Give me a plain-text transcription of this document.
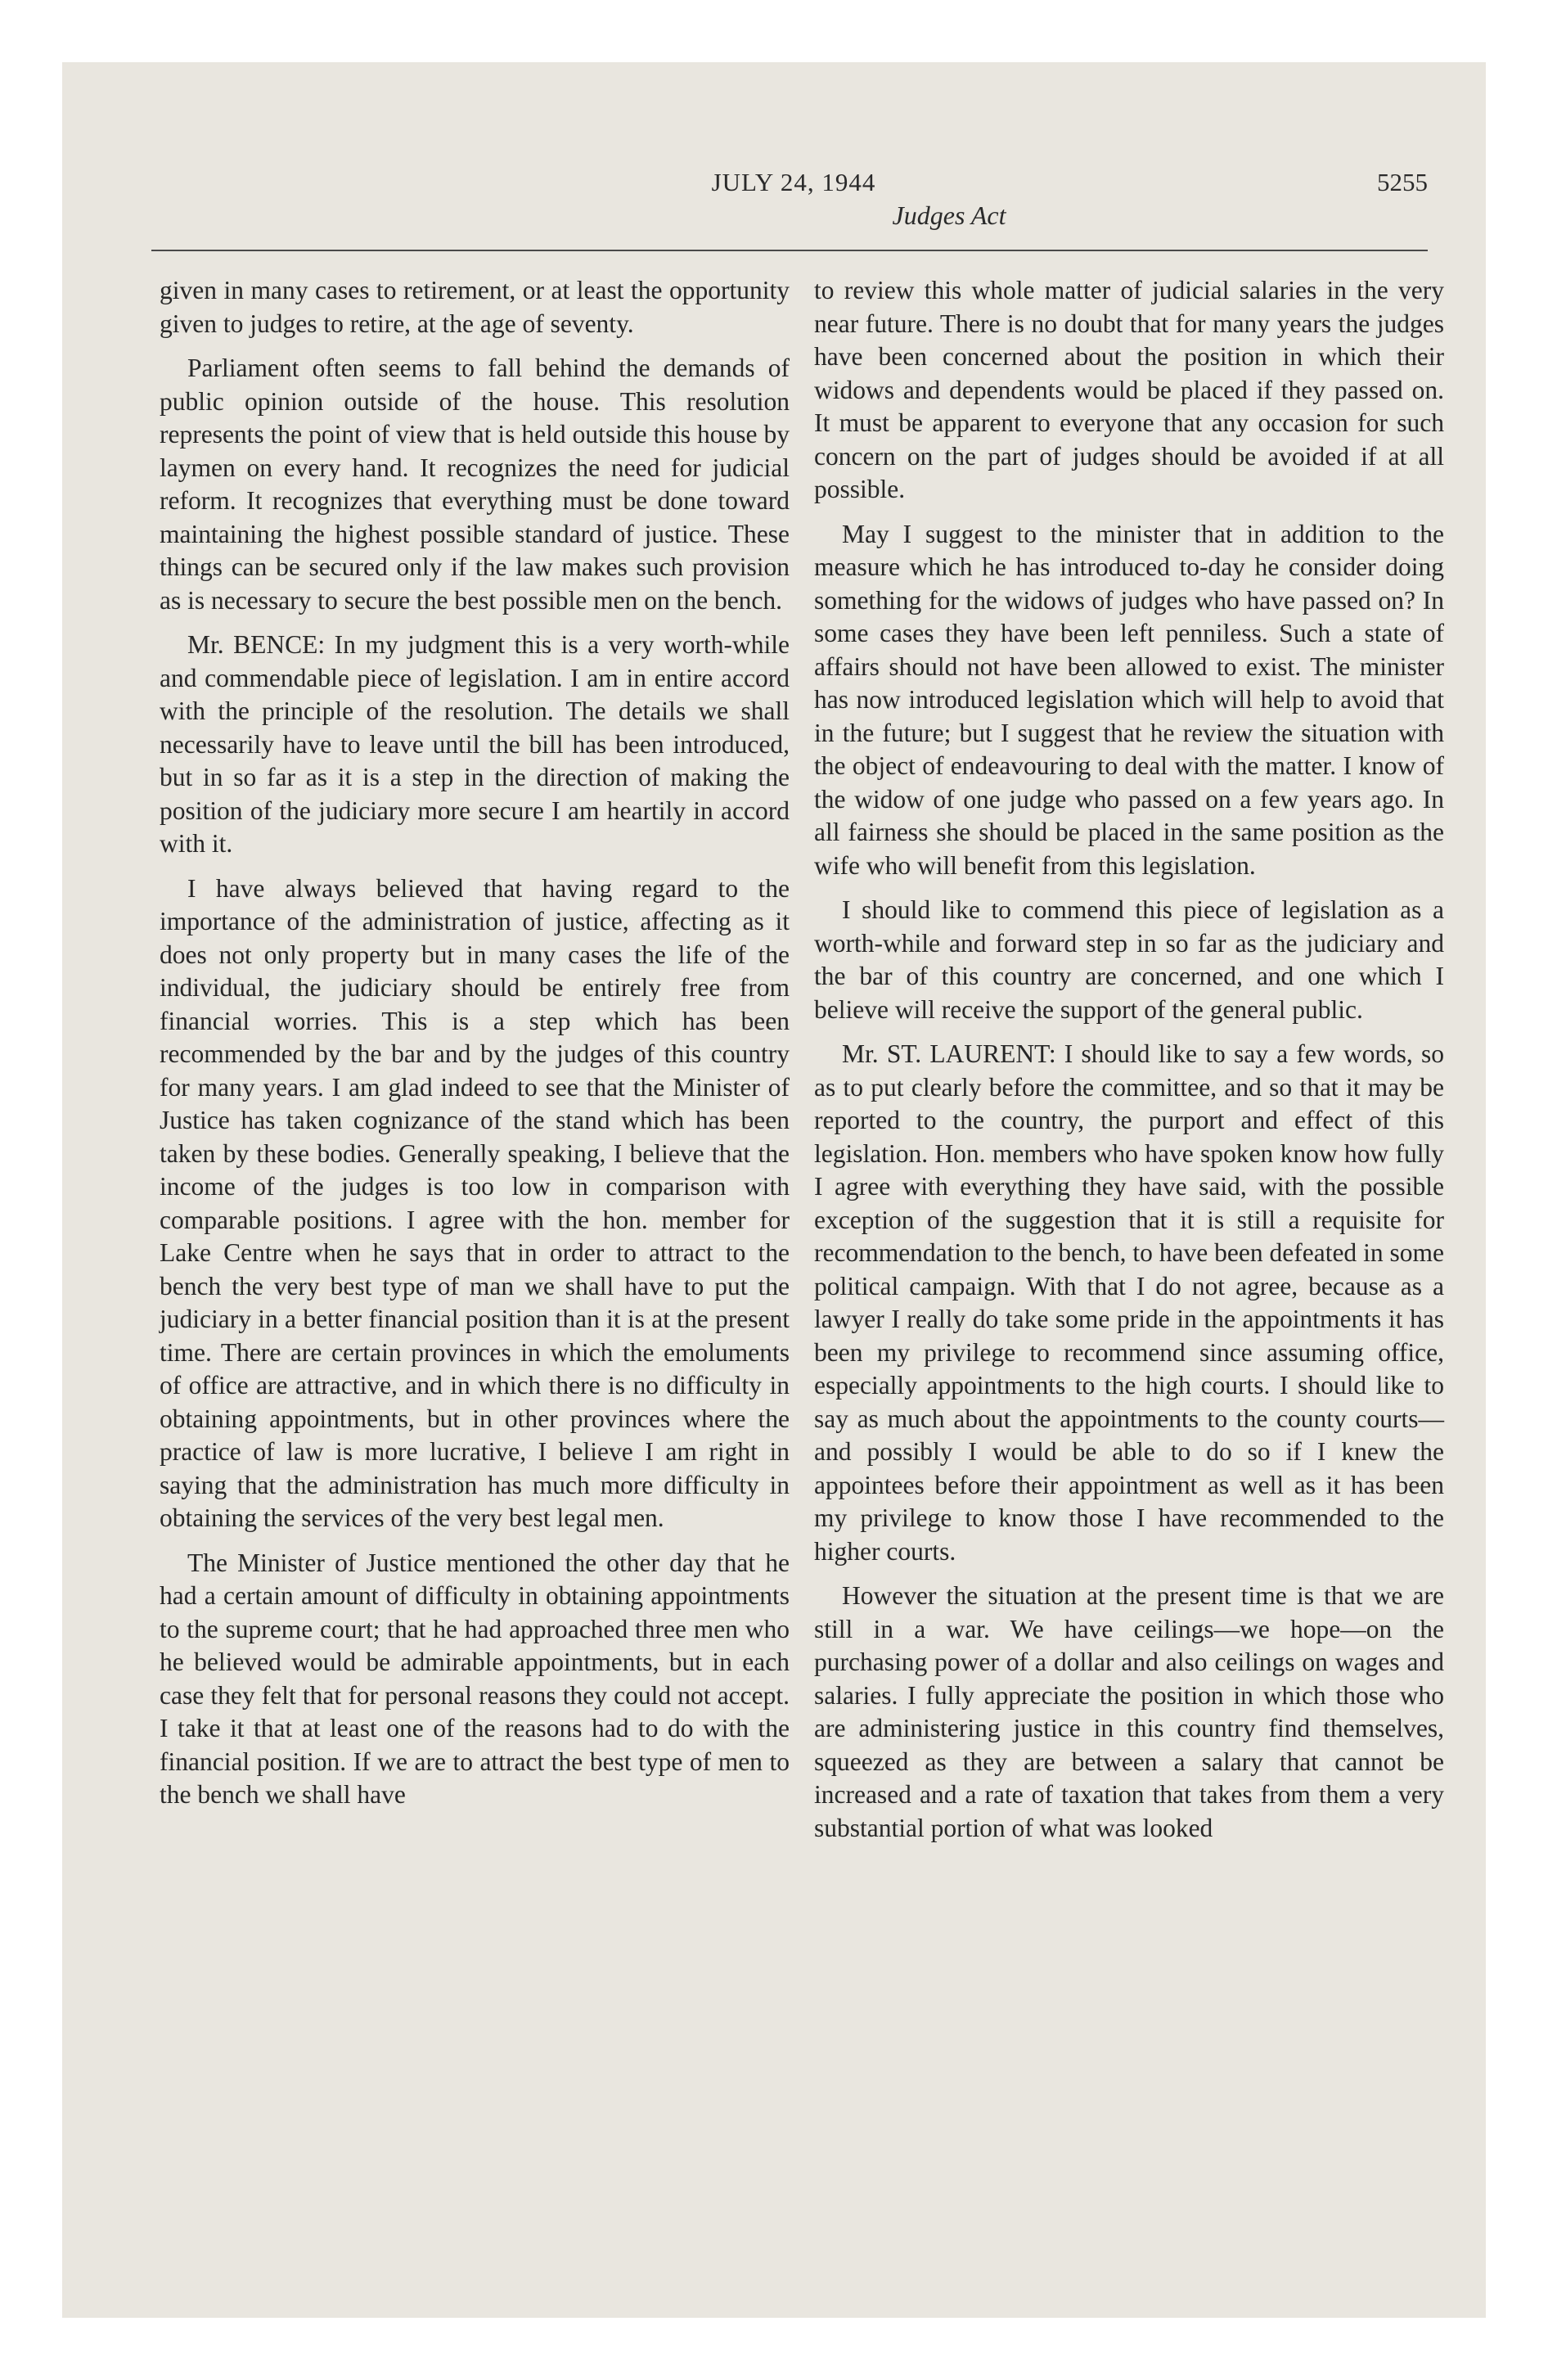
JULY 24, 1944
Judges Act
5255

given in many cases to retirement, or at least the opportunity given to judges to retire, at the age of seventy.

Parliament often seems to fall behind the demands of public opinion outside of the house. This resolution represents the point of view that is held outside this house by laymen on every hand. It recognizes the need for judicial reform. It recognizes that everything must be done toward maintaining the highest possible standard of justice. These things can be secured only if the law makes such provision as is necessary to secure the best possible men on the bench.

Mr. BENCE: In my judgment this is a very worth-while and commendable piece of legislation. I am in entire accord with the principle of the resolution. The details we shall necessarily have to leave until the bill has been introduced, but in so far as it is a step in the direction of making the position of the judiciary more secure I am heartily in accord with it.

I have always believed that having regard to the importance of the administration of justice, affecting as it does not only property but in many cases the life of the individual, the judiciary should be entirely free from financial worries. This is a step which has been recommended by the bar and by the judges of this country for many years. I am glad indeed to see that the Minister of Justice has taken cognizance of the stand which has been taken by these bodies. Generally speaking, I believe that the income of the judges is too low in comparison with comparable positions. I agree with the hon. member for Lake Centre when he says that in order to attract to the bench the very best type of man we shall have to put the judiciary in a better financial position than it is at the present time. There are certain provinces in which the emoluments of office are attractive, and in which there is no difficulty in obtaining appointments, but in other provinces where the practice of law is more lucrative, I believe I am right in saying that the administration has much more difficulty in obtaining the services of the very best legal men.

The Minister of Justice mentioned the other day that he had a certain amount of difficulty in obtaining appointments to the supreme court; that he had approached three men who he believed would be admirable appointments, but in each case they felt that for personal reasons they could not accept. I take it that at least one of the reasons had to do with the financial position. If we are to attract the best type of men to the bench we shall have

to review this whole matter of judicial salaries in the very near future. There is no doubt that for many years the judges have been concerned about the position in which their widows and dependents would be placed if they passed on. It must be apparent to everyone that any occasion for such concern on the part of judges should be avoided if at all possible.

May I suggest to the minister that in addition to the measure which he has introduced to-day he consider doing something for the widows of judges who have passed on? In some cases they have been left penniless. Such a state of affairs should not have been allowed to exist. The minister has now introduced legislation which will help to avoid that in the future; but I suggest that he review the situation with the object of endeavouring to deal with the matter. I know of the widow of one judge who passed on a few years ago. In all fairness she should be placed in the same position as the wife who will benefit from this legislation.

I should like to commend this piece of legislation as a worth-while and forward step in so far as the judiciary and the bar of this country are concerned, and one which I believe will receive the support of the general public.

Mr. ST. LAURENT: I should like to say a few words, so as to put clearly before the committee, and so that it may be reported to the country, the purport and effect of this legislation. Hon. members who have spoken know how fully I agree with everything they have said, with the possible exception of the suggestion that it is still a requisite for recommendation to the bench, to have been defeated in some political campaign. With that I do not agree, because as a lawyer I really do take some pride in the appointments it has been my privilege to recommend since assuming office, especially appointments to the high courts. I should like to say as much about the appointments to the county courts—and possibly I would be able to do so if I knew the appointees before their appointment as well as it has been my privilege to know those I have recommended to the higher courts.

However the situation at the present time is that we are still in a war. We have ceilings—we hope—on the purchasing power of a dollar and also ceilings on wages and salaries. I fully appreciate the position in which those who are administering justice in this country find themselves, squeezed as they are between a salary that cannot be increased and a rate of taxation that takes from them a very substantial portion of what was looked
